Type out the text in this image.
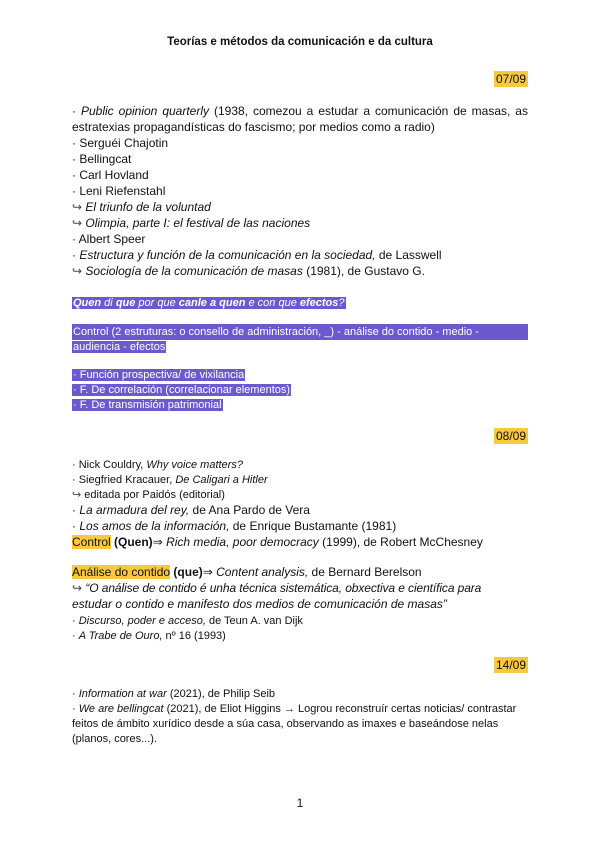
Teorías e métodos da comunicación e da cultura
07/09
· Public opinion quarterly (1938, comezou a estudar a comunicación de masas, as estratexias propagandísticas do fascismo; por medios como a radio)
· Serguéi Chajotin
· Bellingcat
· Carl Hovland
· Leni Riefenstahl
↪ El triunfo de la voluntad
↪ Olimpia, parte I: el festival de las naciones
· Albert Speer
· Estructura y función de la comunicación en la sociedad, de Lasswell
↪ Sociología de la comunicación de masas (1981), de Gustavo G.
Quen di que por que canle a quen e con que efectos?
Control (2 estruturas: o consello de administración, _) - análise do contido - medio -
audiencia - efectos
· Función prospectiva/ de vixilancia
· F. De correlación (correlacionar elementos)
· F. De transmisión patrimonial
08/09
· Nick Couldry, Why voice matters?
· Siegfried Kracauer, De Caligari a Hitler
↪ editada por Paidós (editorial)
· La armadura del rey, de Ana Pardo de Vera
· Los amos de la información, de Enrique Bustamante (1981)
Control (Quen)⇒ Rich media, poor democracy (1999), de Robert McChesney
Análise do contido (que)⇒ Content analysis, de Bernard Berelson
↪ “O análise de contido é unha técnica sistemática, obxectiva e científica para
estudar o contido e manifesto dos medios de comunicación de masas”
· Discurso, poder e acceso, de Teun A. van Dijk
· A Trabe de Ouro, nº 16 (1993)
14/09
· Information at war (2021), de Philip Seib
· We are bellingcat (2021), de Eliot Higgins → Logrou reconstruír certas noticias/ contrastar
feitos de ámbito xurídico desde a súa casa, observando as imaxes e baseándose nelas
(planos, cores...).
1
